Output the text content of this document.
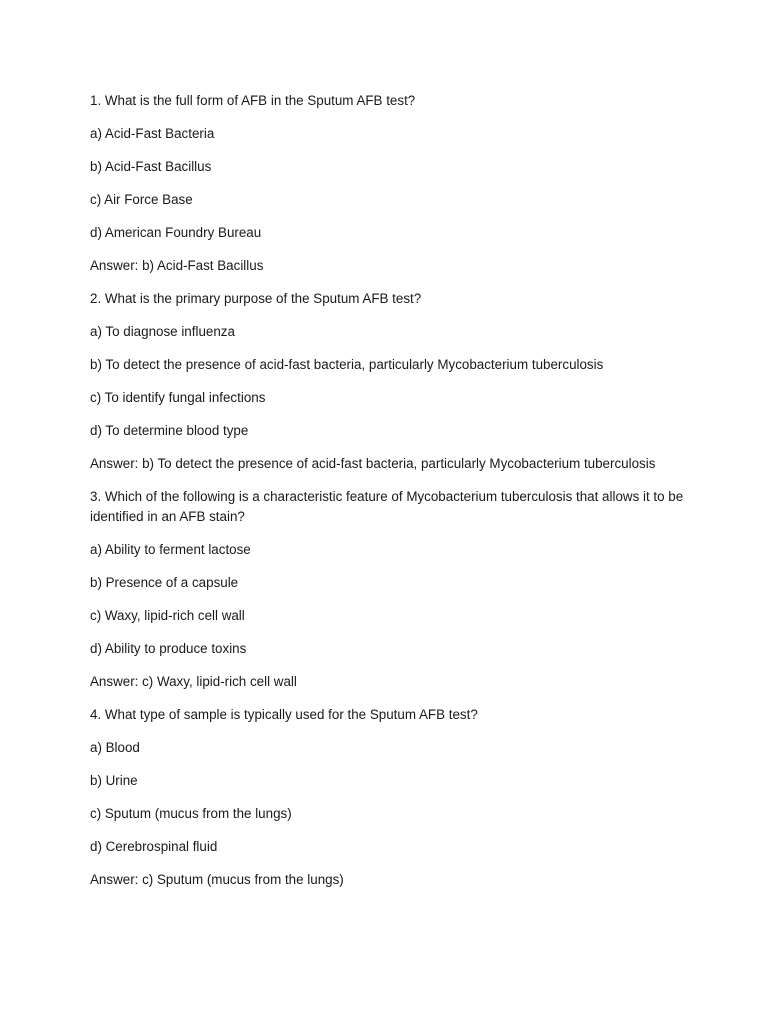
1. What is the full form of AFB in the Sputum AFB test?

a) Acid-Fast Bacteria

b) Acid-Fast Bacillus

c) Air Force Base

d) American Foundry Bureau

Answer: b) Acid-Fast Bacillus

2. What is the primary purpose of the Sputum AFB test?

a) To diagnose influenza

b) To detect the presence of acid-fast bacteria, particularly Mycobacterium tuberculosis

c) To identify fungal infections

d) To determine blood type

Answer: b) To detect the presence of acid-fast bacteria, particularly Mycobacterium tuberculosis

3. Which of the following is a characteristic feature of Mycobacterium tuberculosis that allows it to be identified in an AFB stain?

a) Ability to ferment lactose

b) Presence of a capsule

c) Waxy, lipid-rich cell wall

d) Ability to produce toxins

Answer: c) Waxy, lipid-rich cell wall

4. What type of sample is typically used for the Sputum AFB test?

a) Blood

b) Urine

c) Sputum (mucus from the lungs)

d) Cerebrospinal fluid

Answer: c) Sputum (mucus from the lungs)
